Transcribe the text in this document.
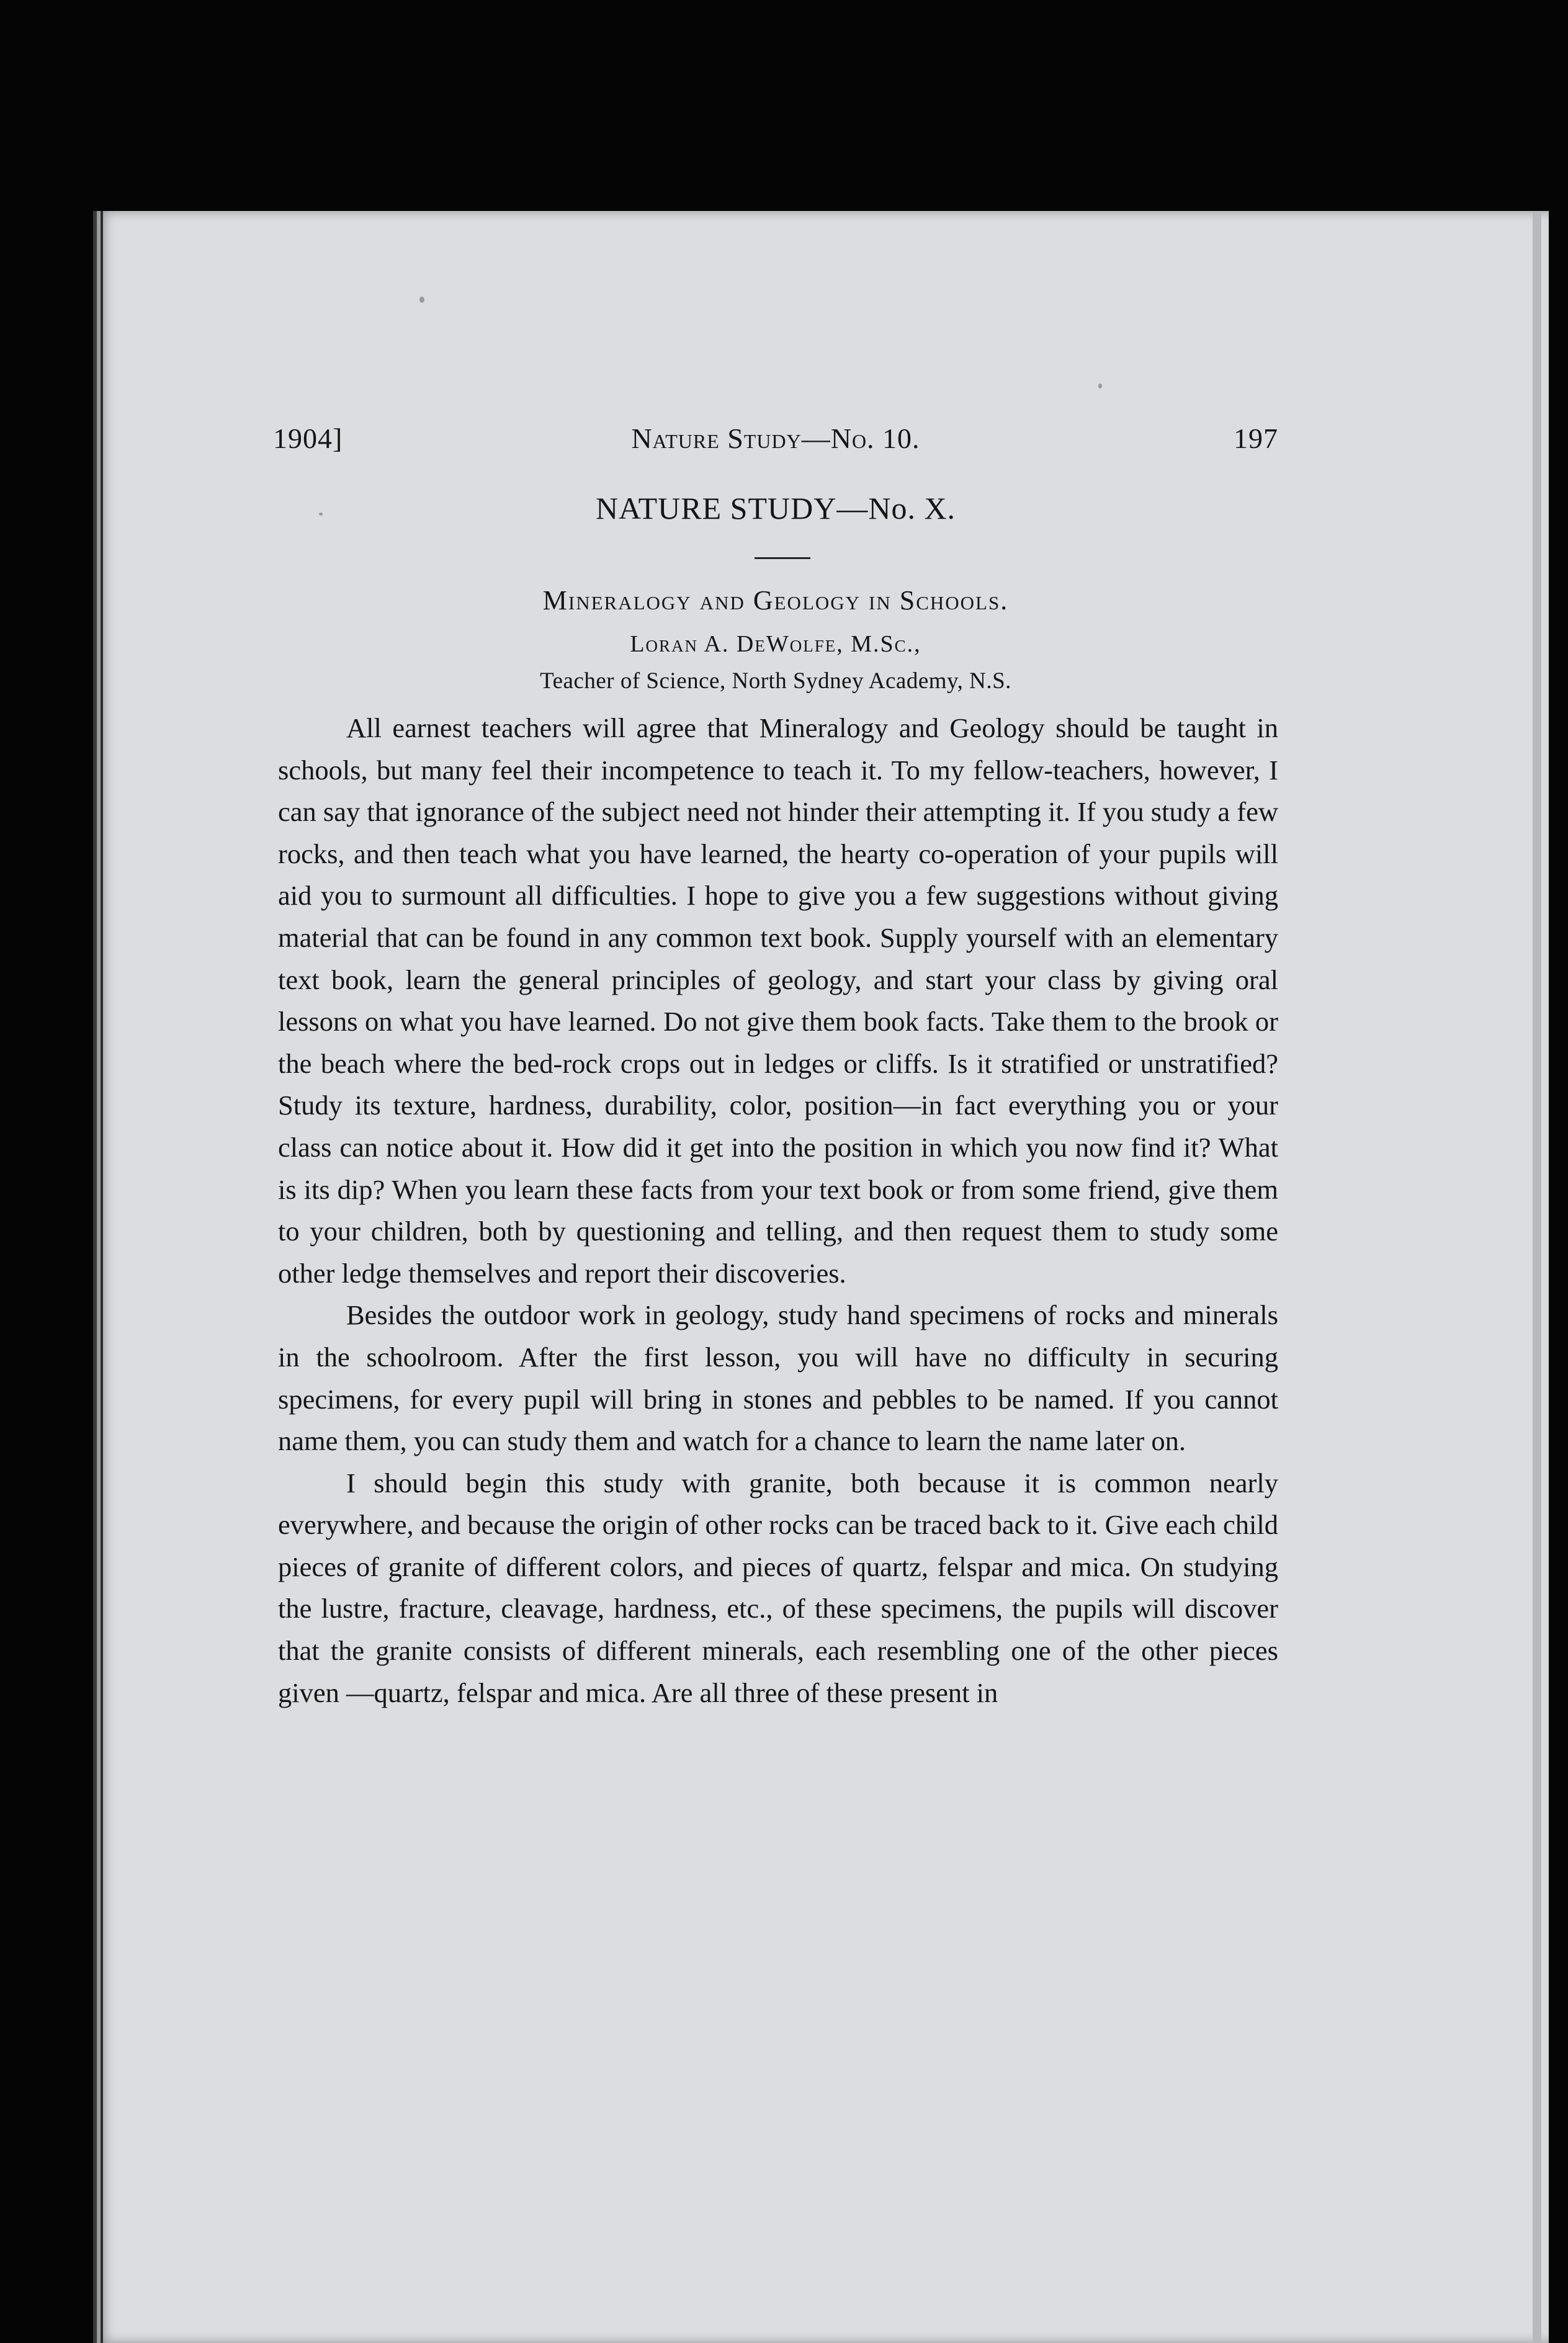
1904]	Nature Study—No. 10.	197
NATURE STUDY—No. X.
Mineralogy and Geology in Schools.
Loran A. DeWolfe, M.Sc.,
Teacher of Science, North Sydney Academy, N.S.

All earnest teachers will agree that Mineralogy and Geology should be taught in schools, but many feel their incompetence to teach it. To my fellow-teachers, however, I can say that ignorance of the subject need not hinder their attempting it. If you study a few rocks, and then teach what you have learned, the hearty co-operation of your pupils will aid you to surmount all difficulties. I hope to give you a few suggestions without giving material that can be found in any common text book. Supply yourself with an elementary text book, learn the general principles of geology, and start your class by giving oral lessons on what you have learned. Do not give them book facts. Take them to the brook or the beach where the bed-rock crops out in ledges or cliffs. Is it stratified or unstratified? Study its texture, hardness, durability, color, position—in fact everything you or your class can notice about it. How did it get into the position in which you now find it? What is its dip? When you learn these facts from your text book or from some friend, give them to your children, both by questioning and telling, and then request them to study some other ledge themselves and report their discoveries.

Besides the outdoor work in geology, study hand specimens of rocks and minerals in the schoolroom. After the first lesson, you will have no difficulty in securing specimens, for every pupil will bring in stones and pebbles to be named. If you cannot name them, you can study them and watch for a chance to learn the name later on.

I should begin this study with granite, both because it is common nearly everywhere, and because the origin of other rocks can be traced back to it. Give each child pieces of granite of different colors, and pieces of quartz, felspar and mica. On studying the lustre, fracture, cleavage, hardness, etc., of these specimens, the pupils will discover that the granite consists of different minerals, each resembling one of the other pieces given —quartz, felspar and mica. Are all three of these present in
